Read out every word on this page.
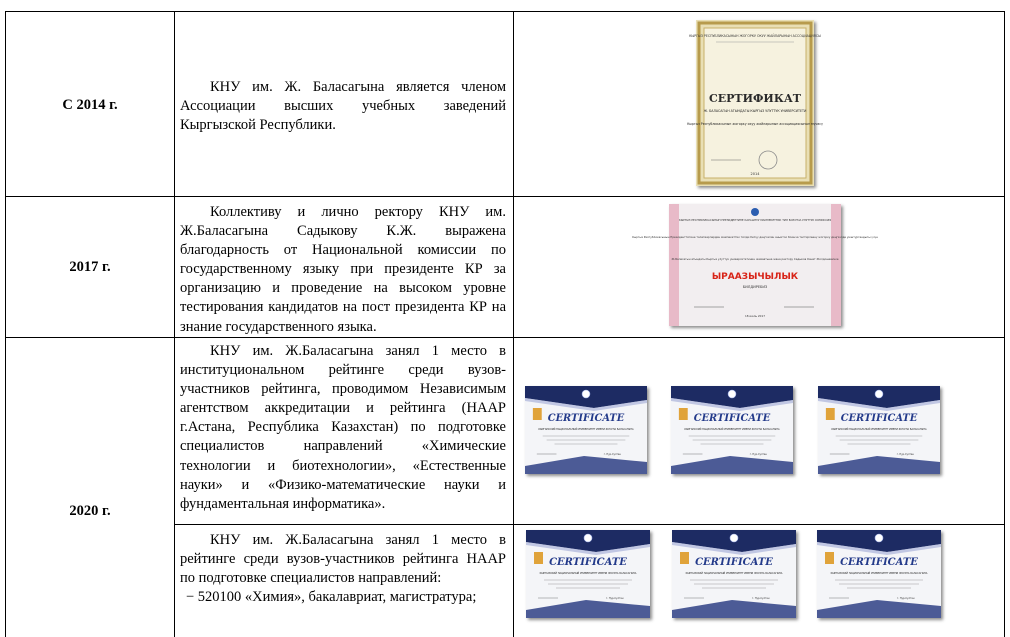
С 2014 г.
2017 г.
2020 г.

КНУ им. Ж. Баласагына является членом Ассоциации высших учебных заведений Кыргызской Республики.

Коллективу и лично ректору КНУ им. Ж.Баласагына Садыкову К.Ж. выражена благодарность от Национальной комиссии по государственному языку при президенте КР за организацию и проведение на высоком уровне тестирования кандидатов на пост президента КР на знание государственного языка.

КНУ им. Ж.Баласагына занял 1 место в институциональном рейтинге среди вузов-участников рейтинга, проводимом Независимым агентством аккредитации и рейтинга (НААР г.Астана, Республика Казахстан) по подготовке специалистов направлений «Химические технологии и биотехнологии», «Естественные науки» и «Физико-математические науки и фундаментальная информатика».

КНУ им. Ж.Баласагына занял 1 место в рейтинге среди вузов-участников рейтинга НААР по подготовке специалистов направлений:

− 520100 «Химия», бакалавриат, магистратура;
КЫРГЫЗ РЕСПУБЛИКАСЫНЫН ЖОГОРКУ ОКУУ ЖАЙЛАРЫНЫН АССОЦИАЦИЯСЫ
СЕРТИФИКАТ
Ж. БАЛАСАГЫН АТЫНДАГЫ КЫРГЫЗ УЛУТТУК УНИВЕРСИТЕТИ
Кыргыз Республикасынын жогорку окуу жайларынын ассоциациясынын мүчөсү
2014
КЫРГЫЗ РЕСПУБЛИКАСЫНЫН ПРЕЗИДЕНТИНЕ КАРАШТУУ МАМЛЕКЕТТИК ТИЛ БОЮНЧА УЛУТТУК КОМИССИЯ
Кыргыз Республикасынын Президенттигине талапкерлердин мамлекеттик тилди билүү деңгээлин аныктоо боюнча тестирлөөнү жогорку деңгээлде уюштургандыгы үчүн
Ж.Баласагын атындагы Кыргыз улуттук университетинин жамаатына жана ректору Садыков Канат Жолдошевичке
ЫРААЗЫЧЫЛЫК
БИЛДИРЕБИЗ
18 июль 2017
CERTIFICATE
КЫРГЫЗСКИЙ НАЦИОНАЛЬНЫЙ УНИВЕРСИТЕТ ИМЕНИ ЖУСУПА БАЛАСАГЫНА
г. Нур-Султан
CERTIFICATE
КЫРГЫЗСКИЙ НАЦИОНАЛЬНЫЙ УНИВЕРСИТЕТ ИМЕНИ ЖУСУПА БАЛАСАГЫНА
г. Нур-Султан
CERTIFICATE
КЫРГЫЗСКИЙ НАЦИОНАЛЬНЫЙ УНИВЕРСИТЕТ ИМЕНИ ЖУСУПА БАЛАСАГЫНА
г. Нур-Султан
CERTIFICATE
КЫРГЫЗСКИЙ НАЦИОНАЛЬНЫЙ УНИВЕРСИТЕТ ИМЕНИ ЖУСУПА БАЛАСАГЫНА
г. Нур-Султан
CERTIFICATE
КЫРГЫЗСКИЙ НАЦИОНАЛЬНЫЙ УНИВЕРСИТЕТ ИМЕНИ ЖУСУПА БАЛАСАГЫНА
г. Нур-Султан
CERTIFICATE
КЫРГЫЗСКИЙ НАЦИОНАЛЬНЫЙ УНИВЕРСИТЕТ ИМЕНИ ЖУСУПА БАЛАСАГЫНА
г. Нур-Султан
